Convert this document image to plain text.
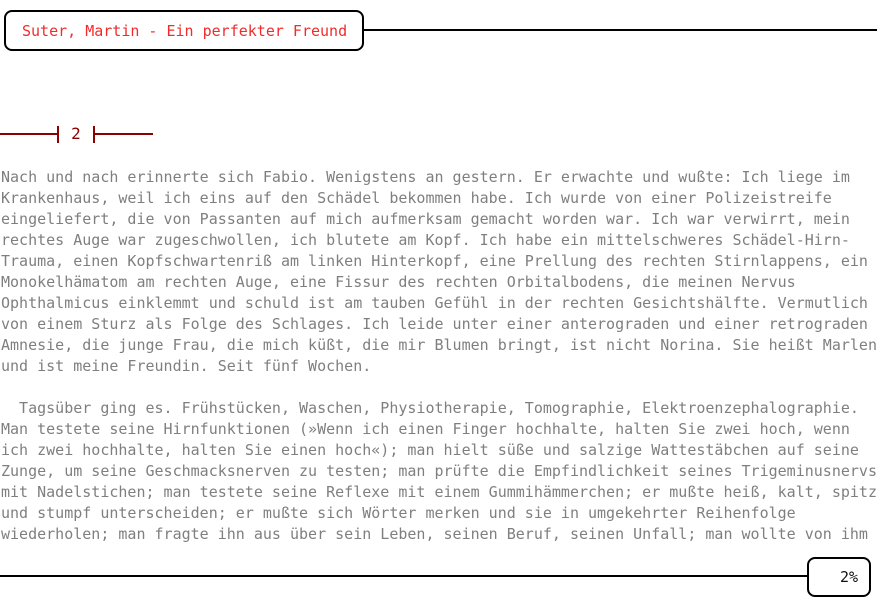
Suter, Martin - Ein perfekter Freund
2
Nach und nach erinnerte sich Fabio. Wenigstens an gestern. Er erwachte und wußte: Ich liege im
Krankenhaus, weil ich eins auf den Schädel bekommen habe. Ich wurde von einer Polizeistreife
eingeliefert, die von Passanten auf mich aufmerksam gemacht worden war. Ich war verwirrt, mein
rechtes Auge war zugeschwollen, ich blutete am Kopf. Ich habe ein mittelschweres Schädel-Hirn-
Trauma, einen Kopfschwartenriß am linken Hinterkopf, eine Prellung des rechten Stirnlappens, ein
Monokelhämatom am rechten Auge, eine Fissur des rechten Orbitalbodens, die meinen Nervus
Ophthalmicus einklemmt und schuld ist am tauben Gefühl in der rechten Gesichtshälfte. Vermutlich
von einem Sturz als Folge des Schlages. Ich leide unter einer anterograden und einer retrograden
Amnesie, die junge Frau, die mich küßt, die mir Blumen bringt, ist nicht Norina. Sie heißt Marlen
und ist meine Freundin. Seit fünf Wochen.

Tagsüber ging es. Frühstücken, Waschen, Physiotherapie, Tomographie, Elektroenzephalographie.
Man testete seine Hirnfunktionen (»Wenn ich einen Finger hochhalte, halten Sie zwei hoch, wenn
ich zwei hochhalte, halten Sie einen hoch«); man hielt süße und salzige Wattestäbchen auf seine
Zunge, um seine Geschmacksnerven zu testen; man prüfte die Empfindlichkeit seines Trigeminusnervs
mit Nadelstichen; man testete seine Reflexe mit einem Gummihämmerchen; er mußte heiß, kalt, spitz
und stumpf unterscheiden; er mußte sich Wörter merken und sie in umgekehrter Reihenfolge
wiederholen; man fragte ihn aus über sein Leben, seinen Beruf, seinen Unfall; man wollte von ihm

2%
